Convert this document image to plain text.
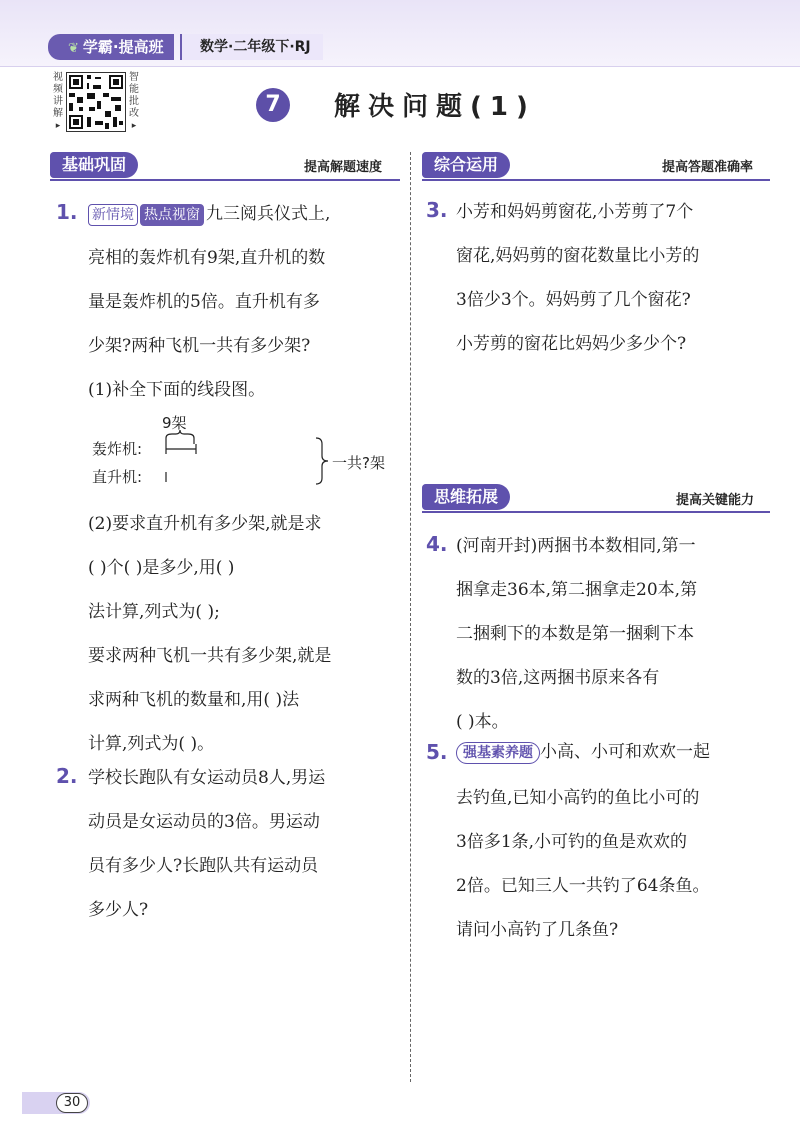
❦ 学霸·提高班	数学·二年级下·RJ
视
频
讲
解
▸
智
能
批
改
▸
7	解决问题(1)
基础巩固	提高解题速度	综合运用	提高答题准确率
思维拓展	提高关键能力
1. 新情境 热点视窗 九三阅兵仪式上,
亮相的轰炸机有9架,直升机的数
量是轰炸机的5倍。直升机有多
少架?两种飞机一共有多少架?
(1)补全下面的线段图。
9架
轰炸机:
直升机:
一共?架
(2)要求直升机有多少架,就是求
( )个( )是多少,用( )
法计算,列式为( );
要求两种飞机一共有多少架,就是
求两种飞机的数量和,用( )法
计算,列式为( )。
2. 学校长跑队有女运动员8人,男运
动员是女运动员的3倍。男运动
员有多少人?长跑队共有运动员
多少人?
3. 小芳和妈妈剪窗花,小芳剪了7个
窗花,妈妈剪的窗花数量比小芳的
3倍少3个。妈妈剪了几个窗花?
小芳剪的窗花比妈妈少多少个?
4. (河南开封)两捆书本数相同,第一
捆拿走36本,第二捆拿走20本,第
二捆剩下的本数是第一捆剩下本
数的3倍,这两捆书原来各有
( )本。
5.	强基素养题 小高、小可和欢欢一起
去钓鱼,已知小高钓的鱼比小可的
3倍多1条,小可钓的鱼是欢欢的
2倍。已知三人一共钓了64条鱼。
请问小高钓了几条鱼?
30
